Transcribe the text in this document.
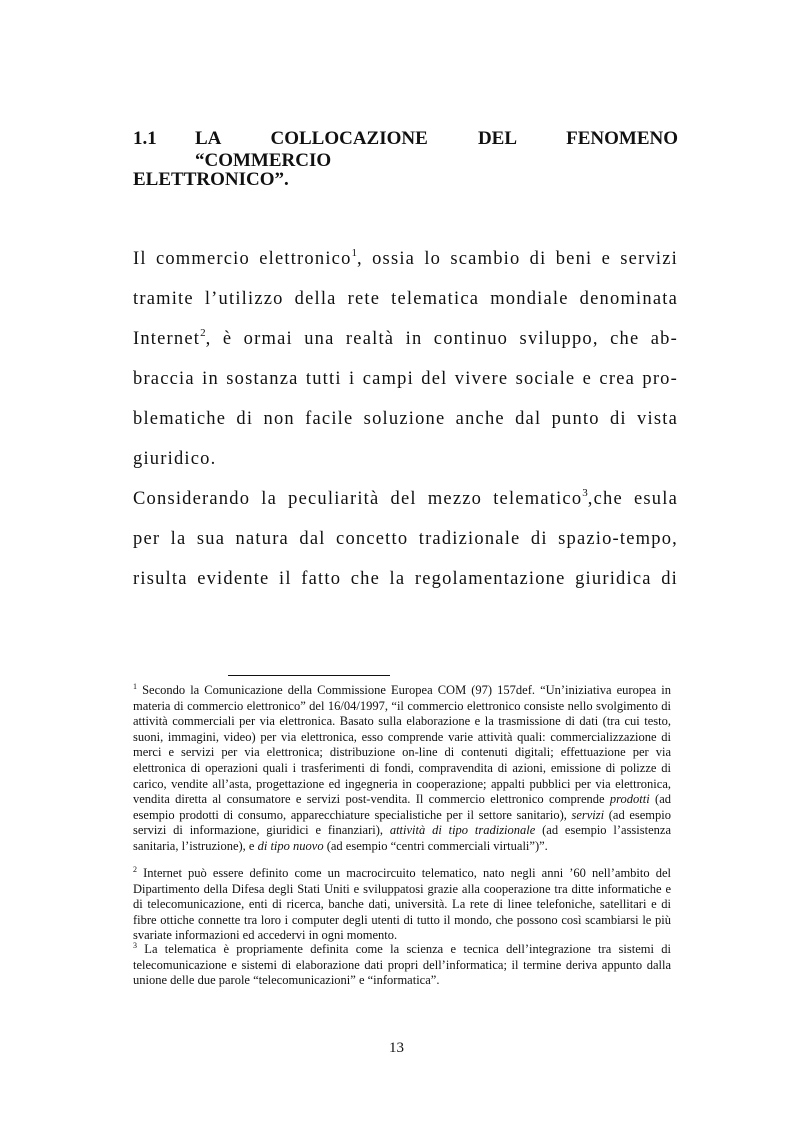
1.1	LA COLLOCAZIONE DEL FENOMENO “COMMERCIO
ELETTRONICO”.
Il commercio elettronico$^1$, ossia lo scambio di beni e servizi
tramite l’utilizzo della rete telematica mondiale denominata
Internet$^2$, è ormai una realtà in continuo sviluppo, che ab-
braccia in sostanza tutti i campi del vivere sociale e crea pro-
blematiche di non facile soluzione anche dal punto di vista
giuridico.
Considerando la peculiarità del mezzo telematico$^3$,che esula
per la sua natura dal concetto tradizionale di spazio-tempo,
risulta evidente il fatto che la regolamentazione giuridica di
$^1$ Secondo la Comunicazione della Commissione Europea COM (97) 157def. “Un’iniziativa europea in materia di commercio elettronico” del 16/04/1997, “il commercio elettronico consiste nello svolgimento di attività commerciali per via elettronica. Basato sulla elaborazione e la trasmissione di dati (tra cui testo, suoni, immagini, video) per via elettronica, esso comprende varie attività quali: commercializzazione di merci e servizi per via elettronica; distribuzione on-line di contenuti digitali; effettuazione per via elettronica di operazioni quali i trasferimenti di fondi, compravendita di azioni, emissione di polizze di carico, vendite all’asta, progettazione ed ingegneria in cooperazione; appalti pubblici per via elettronica, vendita diretta al consumatore e servizi post-vendita. Il commercio elettronico comprende prodotti (ad esempio prodotti di consumo, apparecchiature specialistiche per il settore sanitario), servizi (ad esempio servizi di informazione, giuridici e finanziari), attività di tipo tradizionale (ad esempio l’assistenza sanitaria, l’istruzione), e di tipo nuovo (ad esempio “centri commerciali virtuali”)”.
$^2$ Internet può essere definito come un macrocircuito telematico, nato negli anni ’60 nell’ambito del Dipartimento della Difesa degli Stati Uniti e sviluppatosi grazie alla cooperazione tra ditte informatiche e di telecomunicazione, enti di ricerca, banche dati, università. La rete di linee telefoniche, satellitari e di fibre ottiche connette tra loro i computer degli utenti di tutto il mondo, che possono così scambiarsi le più svariate informazioni ed accedervi in ogni momento.
$^3$ La telematica è propriamente definita come la scienza e tecnica dell’integrazione tra sistemi di telecomunicazione e sistemi di elaborazione dati propri dell’informatica; il termine deriva appunto dalla unione delle due parole “telecomunicazioni” e “informatica”.
13
